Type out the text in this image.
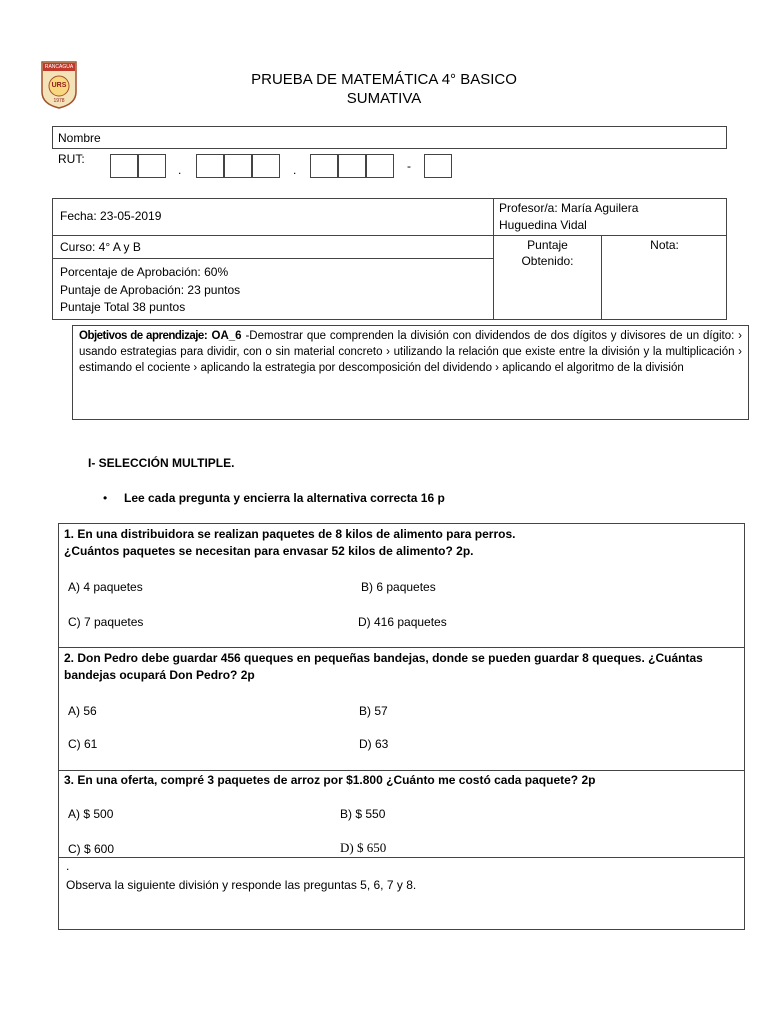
RANCAGUA
URS
1978
PRUEBA DE MATEMÁTICA 4° BASICO
SUMATIVA
Nombre
RUT:
.	.	-
Fecha: 23-05-2019
Profesor/a: María Aguilera
Huguedina Vidal
Curso: 4° A y B	Puntaje
Obtenido:
Nota:
Porcentaje de Aprobación: 60%
Puntaje de Aprobación: 23 puntos
Puntaje Total 38 puntos
Objetivos de aprendizaje: OA_6 -Demostrar que comprenden la división con dividendos de dos dígitos y divisores de un dígito: › usando estrategias para dividir, con o sin material concreto › utilizando la relación que existe entre la división y la multiplicación › estimando el cociente › aplicando la estrategia por descomposición del dividendo › aplicando el algoritmo de la división
I- SELECCIÓN MULTIPLE.
• Lee cada pregunta y encierra la alternativa correcta 16 p
1. En una distribuidora se realizan paquetes de 8 kilos de alimento para perros.
¿Cuántos paquetes se necesitan para envasar 52 kilos de alimento? 2p.
A) 4 paquetes	B) 6 paquetes
C) 7 paquetes	D) 416 paquetes
2. Don Pedro debe guardar 456 queques en pequeñas bandejas, donde se pueden guardar 8 queques. ¿Cuántas
bandejas ocupará Don Pedro? 2p
A) 56	B) 57
C) 61	D) 63
3. En una oferta, compré 3 paquetes de arroz por $1.800 ¿Cuánto me costó cada paquete? 2p
A) $ 500	B) $ 550
C) $ 600	D) $ 650
.
Observa la siguiente división y responde las preguntas 5, 6, 7 y 8.
